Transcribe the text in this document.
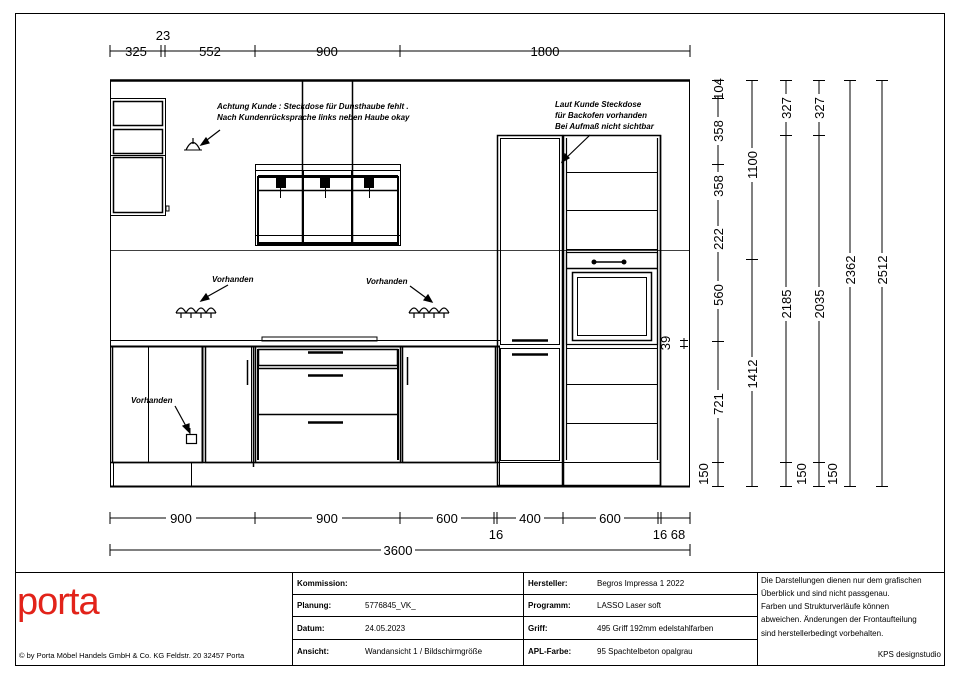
325
23
552	900	1800
Achtung Kunde : Steckdose für Dunsthaube fehlt .
Nach Kundenrücksprache links neben Haube okay
Laut Kunde Steckdose
für Backofen vorhanden
Bei Aufmaß nicht sichtbar
Vorhanden	Vorhanden
Vorhanden
104
358
358
222
560
721
150
39
1100
1412
327
2185
150
327
2035
150
2362 2512
900	900	600	400	600
16	16 68
3600
porta
© by Porta Möbel Handels GmbH & Co. KG Feldstr. 20 32457 Porta
Kommission:
Planung:	5776845_VK_
Datum:	24.05.2023
Ansicht:	Wandansicht 1 / Bildschirmgröße
Hersteller:	Begros Impressa 1 2022
Programm:	LASSO Laser soft
Griff:	495 Griff 192mm edelstahlfarben
APL-Farbe:	95 Spachtelbeton opalgrau
Die Darstellungen dienen nur dem grafischen
Überblick und sind nicht passgenau.
Farben und Strukturverläufe können
abweichen. Änderungen der Frontaufteilung
sind herstellerbedingt vorbehalten.
KPS designstudio
